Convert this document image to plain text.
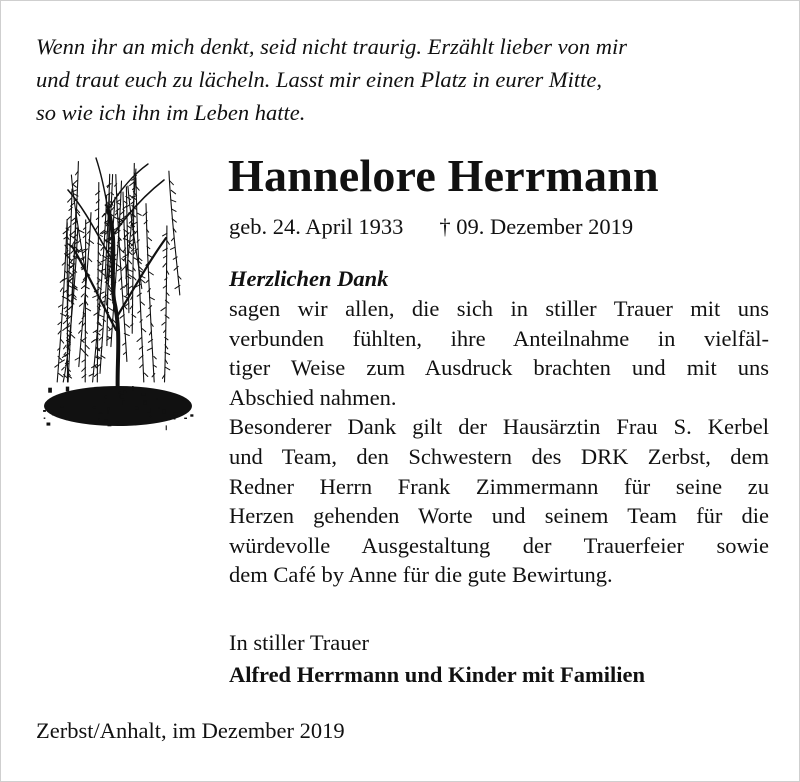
Wenn ihr an mich denkt, seid nicht traurig. Erzählt lieber von mir
und traut euch zu lächeln. Lasst mir einen Platz in eurer Mitte,
so wie ich ihn im Leben hatte.

Hannelore Herrmann
geb. 24. April 1933 † 09. Dezember 2019
Herzlichen Dank
sagen wir allen, die sich in stiller Trauer mit uns
verbunden fühlten, ihre Anteilnahme in vielfäl-
tiger Weise zum Ausdruck brachten und mit uns
Abschied nahmen.
Besonderer Dank gilt der Hausärztin Frau S. Kerbel
und Team, den Schwestern des DRK Zerbst, dem
Redner Herrn Frank Zimmermann für seine zu
Herzen gehenden Worte und seinem Team für die
würdevolle Ausgestaltung der Trauerfeier sowie
dem Café by Anne für die gute Bewirtung.
In stiller Trauer
Alfred Herrmann und Kinder mit Familien
Zerbst/Anhalt, im Dezember 2019
